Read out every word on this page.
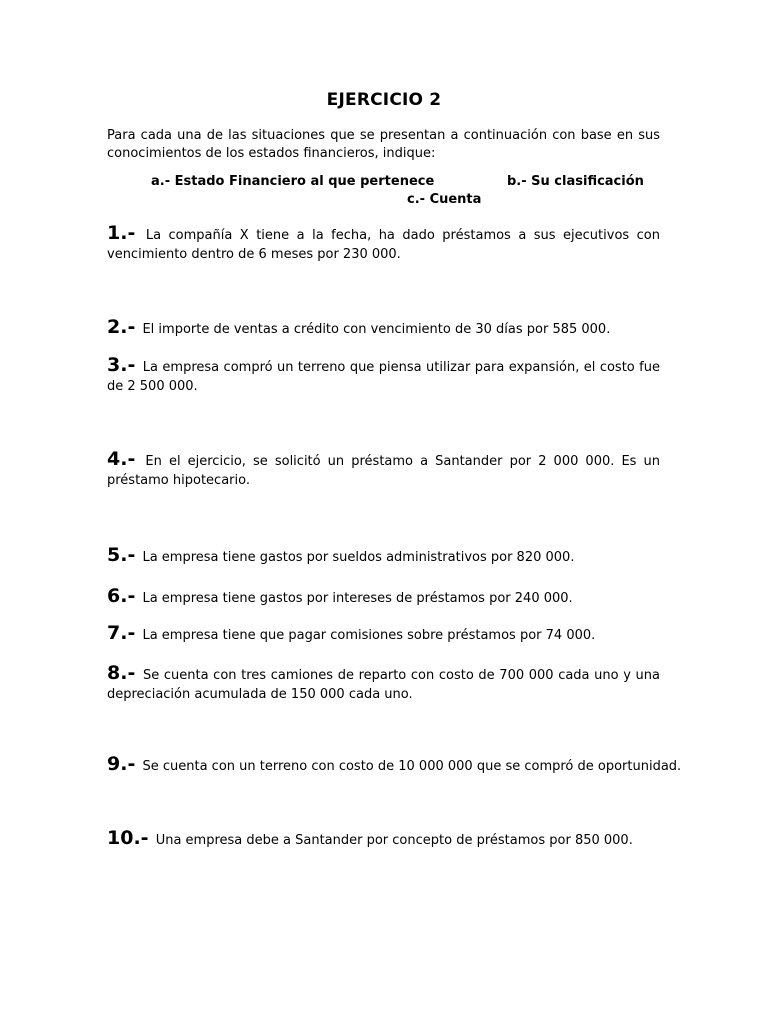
EJERCICIO 2
Para cada una de las situaciones que se presentan a continuación con base en sus conocimientos de los estados financieros, indique:
a.- Estado Financiero al que pertenece	b.- Su clasificación
c.- Cuenta
1.- La compañía X tiene a la fecha, ha dado préstamos a sus ejecutivos con vencimiento dentro de 6 meses por 230 000.
2.- El importe de ventas a crédito con vencimiento de 30 días por 585 000.
3.- La empresa compró un terreno que piensa utilizar para expansión, el costo fue de 2 500 000.
4.- En el ejercicio, se solicitó un préstamo a Santander por 2 000 000. Es un préstamo hipotecario.
5.- La empresa tiene gastos por sueldos administrativos por 820 000.
6.- La empresa tiene gastos por intereses de préstamos por 240 000.
7.- La empresa tiene que pagar comisiones sobre préstamos por 74 000.
8.- Se cuenta con tres camiones de reparto con costo de 700 000 cada uno y una depreciación acumulada de 150 000 cada uno.
9.- Se cuenta con un terreno con costo de 10 000 000 que se compró de oportunidad.
10.- Una empresa debe a Santander por concepto de préstamos por 850 000.
